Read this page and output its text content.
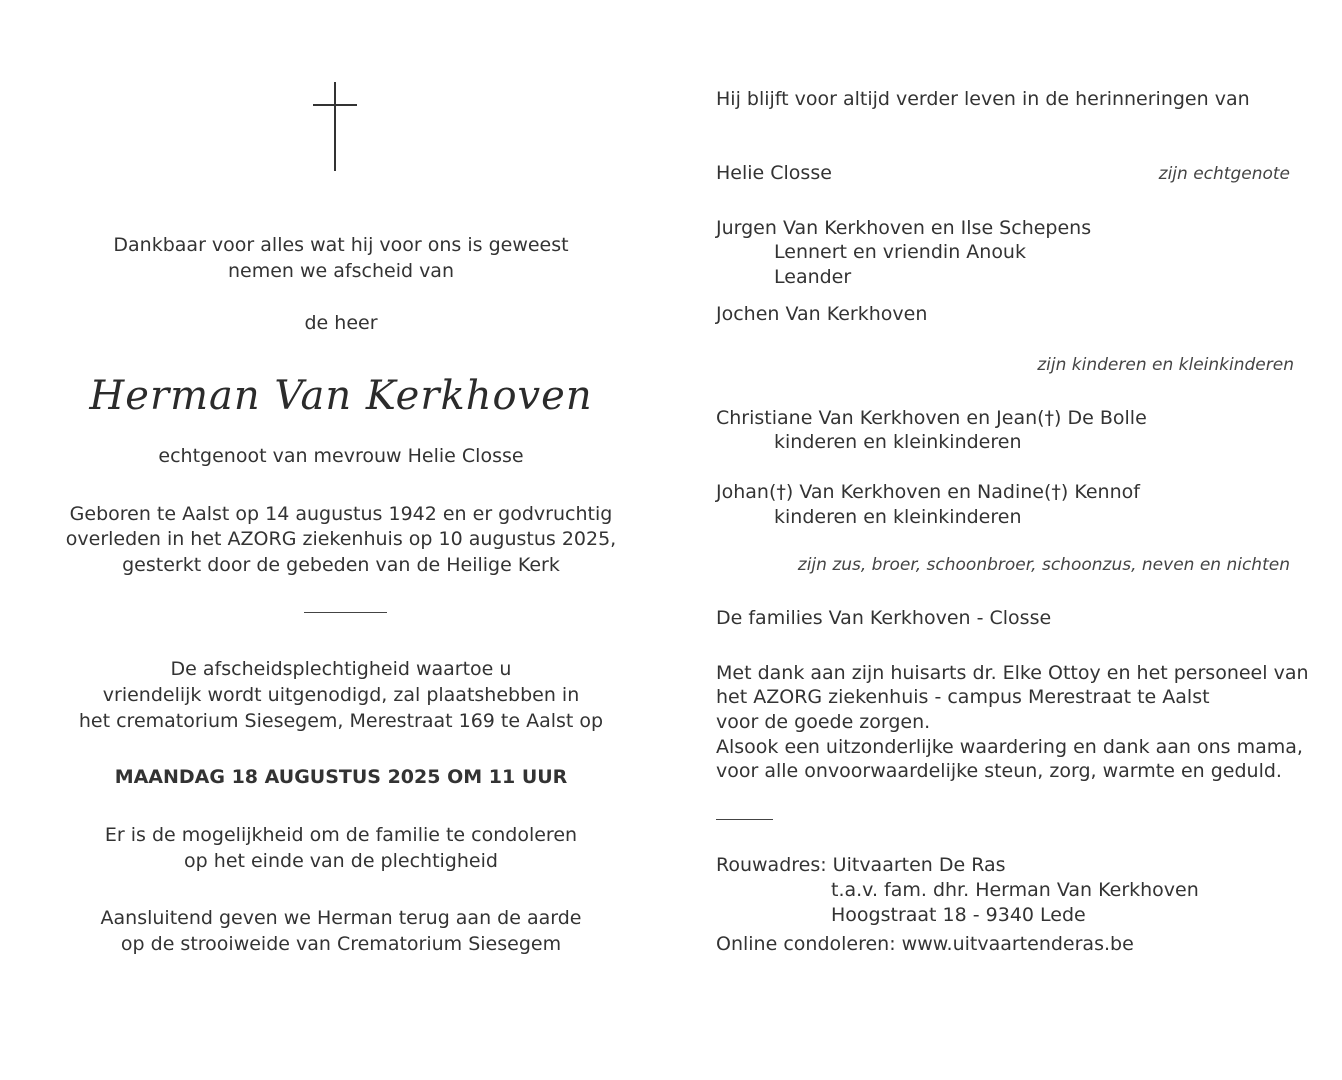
Dankbaar voor alles wat hij voor ons is geweest

nemen we afscheid van

de heer

Herman Van Kerkhoven

echtgenoot van mevrouw Helie Closse

Geboren te Aalst op 14 augustus 1942 en er godvruchtig

overleden in het AZORG ziekenhuis op 10 augustus 2025,

gesterkt door de gebeden van de Heilige Kerk

De afscheidsplechtigheid waartoe u

vriendelijk wordt uitgenodigd, zal plaatshebben in

het crematorium Siesegem, Merestraat 169 te Aalst op

MAANDAG 18 AUGUSTUS 2025 OM 11 UUR

Er is de mogelijkheid om de familie te condoleren

op het einde van de plechtigheid

Aansluitend geven we Herman terug aan de aarde

op de strooiweide van Crematorium Siesegem

Hij blijft voor altijd verder leven in de herinneringen van

Helie Closse	zijn echtgenote

Jurgen Van Kerkhoven en Ilse Schepens

Lennert en vriendin Anouk

Leander

Jochen Van Kerkhoven

zijn kinderen en kleinkinderen

Christiane Van Kerkhoven en Jean(†) De Bolle

kinderen en kleinkinderen

Johan(†) Van Kerkhoven en Nadine(†) Kennof

kinderen en kleinkinderen

zijn zus, broer, schoonbroer, schoonzus, neven en nichten

De families Van Kerkhoven - Closse

Met dank aan zijn huisarts dr. Elke Ottoy en het personeel van

het AZORG ziekenhuis - campus Merestraat te Aalst

voor de goede zorgen.

Alsook een uitzonderlijke waardering en dank aan ons mama,

voor alle onvoorwaardelijke steun, zorg, warmte en geduld.

Rouwadres: Uitvaarten De Ras

t.a.v. fam. dhr. Herman Van Kerkhoven

Hoogstraat 18 - 9340 Lede

Online condoleren: www.uitvaartenderas.be
